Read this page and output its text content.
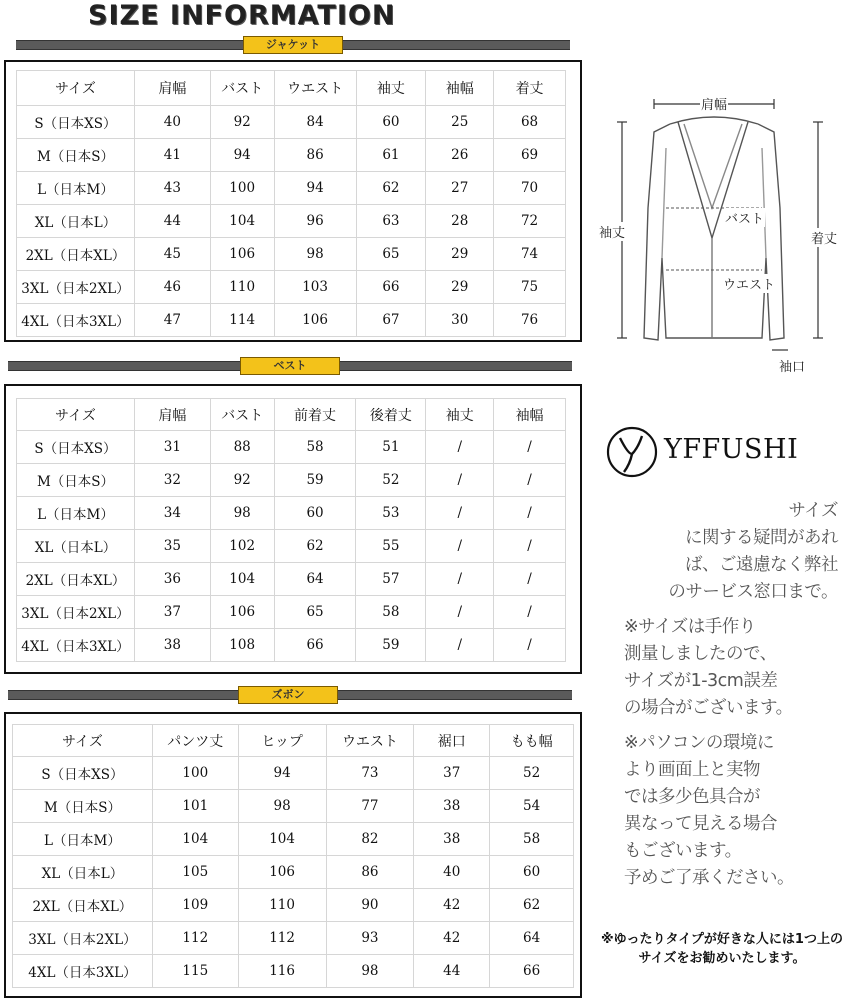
SIZE INFORMATION
ジャケット
サイズ	肩幅	バスト	ウエスト	袖丈	袖幅	着丈
S（日本XS）	40	92	84	60	25	68
M（日本S）	41	94	86	61	26	69
L（日本M）	43	100	94	62	27	70
XL（日本L）	44	104	96	63	28	72
2XL（日本XL）	45	106	98	65	29	74
3XL（日本2XL）	46	110	103	66	29	75
4XL（日本3XL）	47	114	106	67	30	76
ベスト
サイズ	肩幅	バスト	前着丈	後着丈	袖丈	袖幅
S（日本XS）	31	88	58	51	/	/
M（日本S）	32	92	59	52	/	/
L（日本M）	34	98	60	53	/	/
XL（日本L）	35	102	62	55	/	/
2XL（日本XL）	36	104	64	57	/	/
3XL（日本2XL）	37	106	65	58	/	/
4XL（日本3XL）	38	108	66	59	/	/
ズボン
サイズ	パンツ丈	ヒップ	ウエスト	裾口	もも幅
S（日本XS）	100	94	73	37	52
M（日本S）	101	98	77	38	54
L（日本M）	104	104	82	38	58
XL（日本L）	105	106	86	40	60
2XL（日本XL）	109	110	90	42	62
3XL（日本2XL）	112	112	93	42	64
4XL（日本3XL）	115	116	98	44	66
肩幅
バスト
ウエスト
袖丈	着丈
袖口
YFFUSHI
サイズ
に関する疑問があれ
ば、ご遠慮なく弊社
のサービス窓口まで。
※サイズは手作り
測量しましたので、
サイズが1-3cm誤差
の場合がございます。
※パソコンの環境に
より画面上と実物
では多少色具合が
異なって見える場合
もございます。
予めご了承ください。
※ゆったりタイプが好きな人には1つ上のサイズをお勧めいたします。
